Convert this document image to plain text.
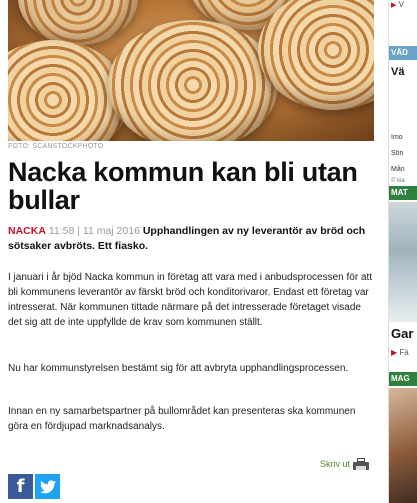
FOTO: SCANSTOCKPHOTO
Nacka kommun kan bli utan bullar

NACKA 11:58 | 11 maj 2016 Upphandlingen av ny leverantör av bröd och sötsaker avbröts. Ett fiasko.

I januari i år bjöd Nacka kommun in företag att vara med i anbudsprocessen för att bli kommunens leverantör av färskt bröd och konditorivaror. Endast ett företag var intresserat. När kommunen tittade närmare på det intresserade företaget visade det sig att de inte uppfyllde de krav som kommunen ställt.

Nu har kommunstyrelsen bestämt sig för att avbryta upphandlingsprocessen.

Innan en ny samarbetspartner på bullområdet kan presenteras ska kommunen göra en fördjupad marknadsanalys.

Skriv ut
f
▶ V
VÄD
Vä
Imo
Sön
Mån
© kla
MAT
Gar
▶ Fä
MAG
